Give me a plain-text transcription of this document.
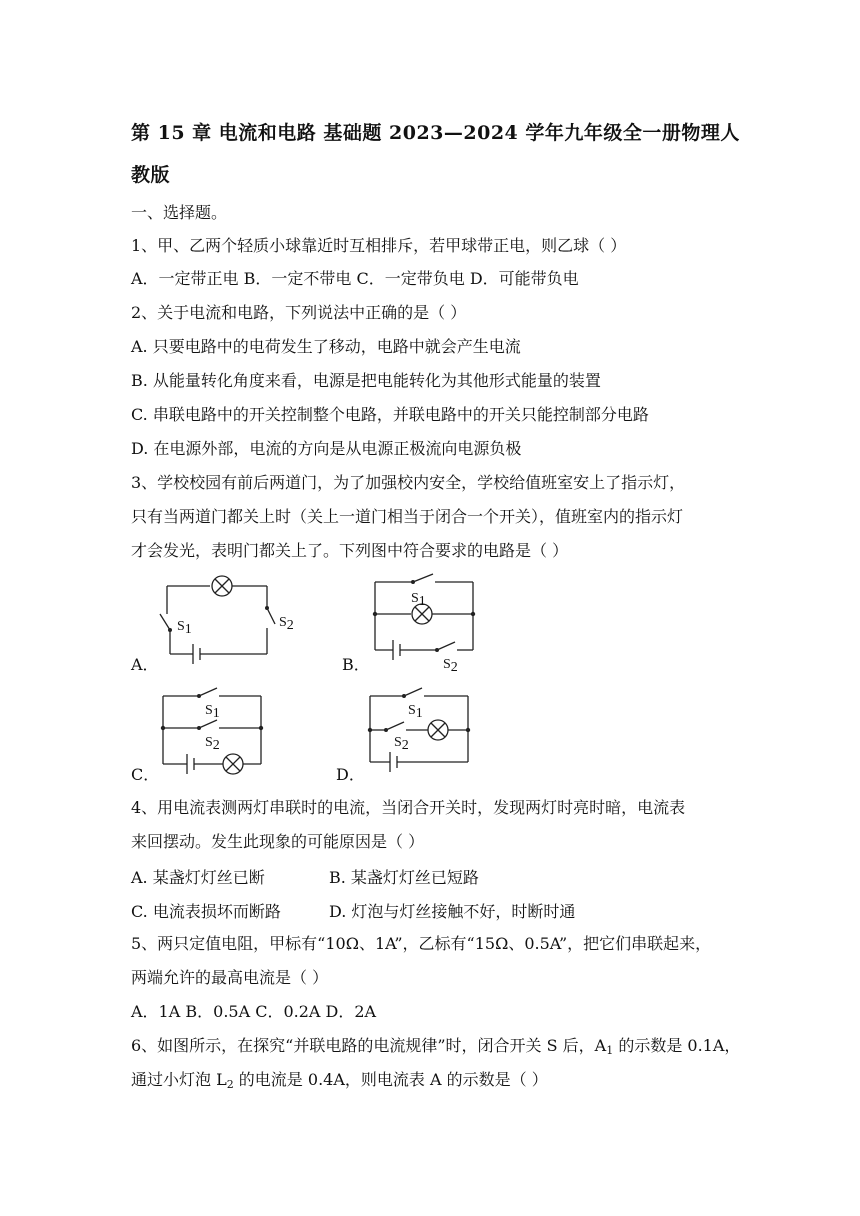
第 15 章 电流和电路 基础题 2023—2024 学年九年级全一册物理人
教版
一、选择题。
1、甲、乙两个轻质小球靠近时互相排斥，若甲球带正电，则乙球（ ）
A．一定带正电 B．一定不带电 C．一定带负电 D．可能带负电
2、关于电流和电路，下列说法中正确的是（ ）
A. 只要电路中的电荷发生了移动，电路中就会产生电流
B. 从能量转化角度来看，电源是把电能转化为其他形式能量的装置
C. 串联电路中的开关控制整个电路，并联电路中的开关只能控制部分电路
D. 在电源外部，电流的方向是从电源正极流向电源负极
3、学校校园有前后两道门，为了加强校内安全，学校给值班室安上了指示灯，
只有当两道门都关上时（关上一道门相当于闭合一个开关），值班室内的指示灯
才会发光，表明门都关上了。下列图中符合要求的电路是（ ）
A．
S1	S2
B．
S1
S2
C．
S1
S2
D．
S1
S2
4、用电流表测两灯串联时的电流，当闭合开关时，发现两灯时亮时暗，电流表
来回摆动。发生此现象的可能原因是（ ）
A. 某盏灯灯丝已断	B. 某盏灯灯丝已短路
C. 电流表损坏而断路	D. 灯泡与灯丝接触不好，时断时通
5、两只定值电阻，甲标有“10Ω、1A”，乙标有“15Ω、0.5A”，把它们串联起来，
两端允许的最高电流是（ ）
A．1A B．0.5A C．0.2A D．2A
6、如图所示，在探究“并联电路的电流规律”时，闭合开关 S 后，$A_1$ 的示数是 0.1A，
通过小灯泡 $L_2$ 的电流是 0.4A，则电流表 A 的示数是（ ）
